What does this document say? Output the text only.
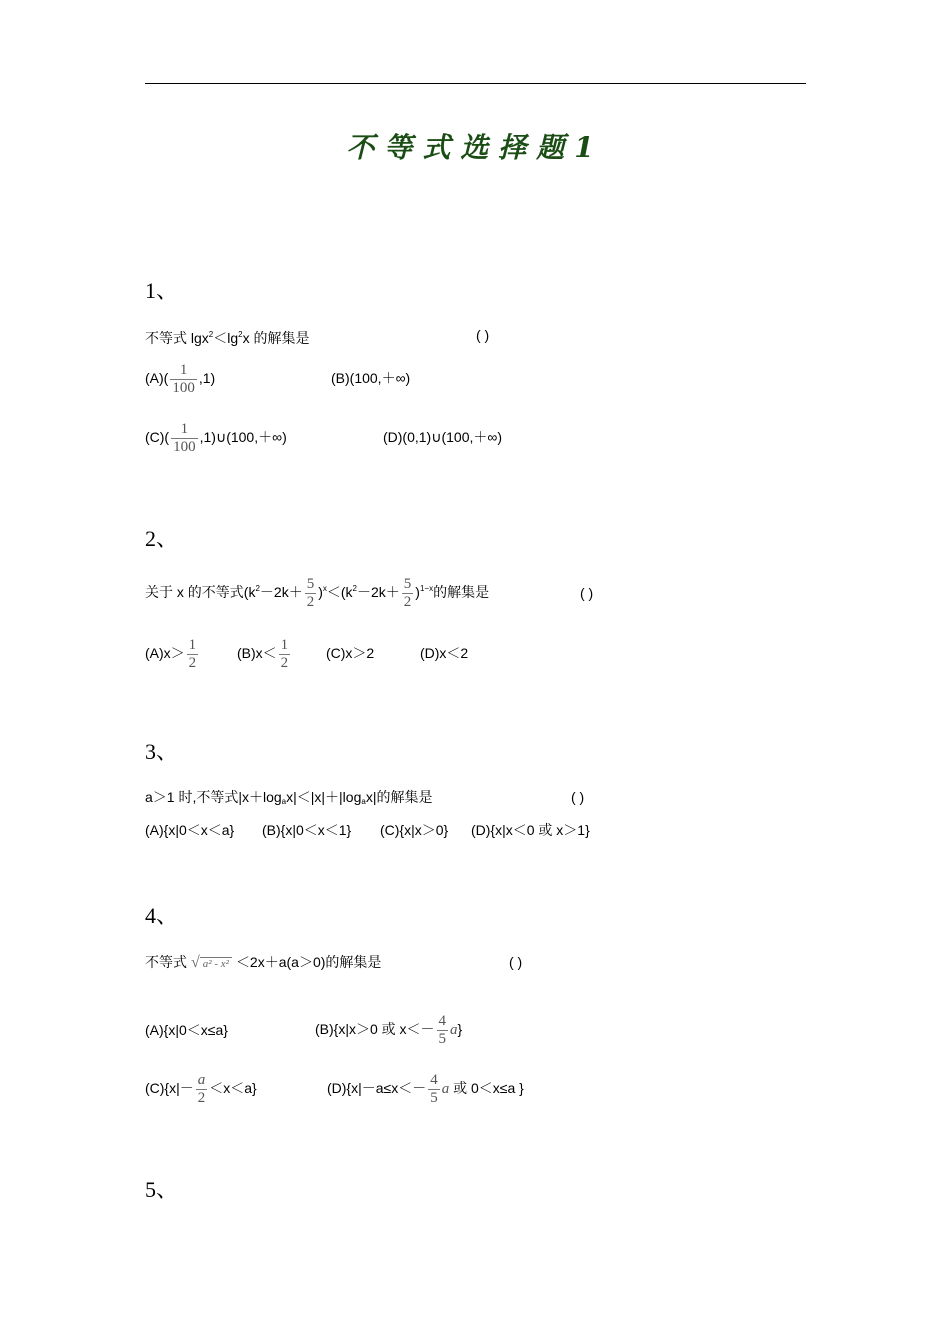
不等式选择题1
1、
不等式 $\lg x^2<\lg^2x$ 的解集是	( )
$(A)( \frac{1}{100} ,1)$	(B)(100,＋∞)
$(C)( \frac{1}{100}$ ,1)∪(100,＋∞)	(D)(0,1)∪(100,＋∞)
2、
关于 x 的不等式$(k^2-2k+ \frac{5}{2} )^x<(k^2-2k+ \frac{5}{2} )^{1-x}$的解集是	( )
$(A)x> \frac{1}{2}$	$(B)x< \frac{1}{2}$	(C)x＞2	(D)x＜2
3、
a＞1 时,不等式$|x+\log_ax|<|x|+|\log_ax|$的解集是	( )
(A){x|0＜x＜a} (B){x|0＜x＜1} (C){x|x＞0} (D){x|x＜0 或 x＞1}
4、
不等式 √ a² - x² ＜2x＋a(a＞0)的解集是	( )
(A){x|0＜x≤a}	(B){x|x＞0 或 $x<- \frac{4}{5} a$}
$(C)\{x|- \frac{a}{2} <x<a\}$	$(D)\{x|-a\le x<- \frac{4}{5}$ a 或 0＜x≤a }
5、
